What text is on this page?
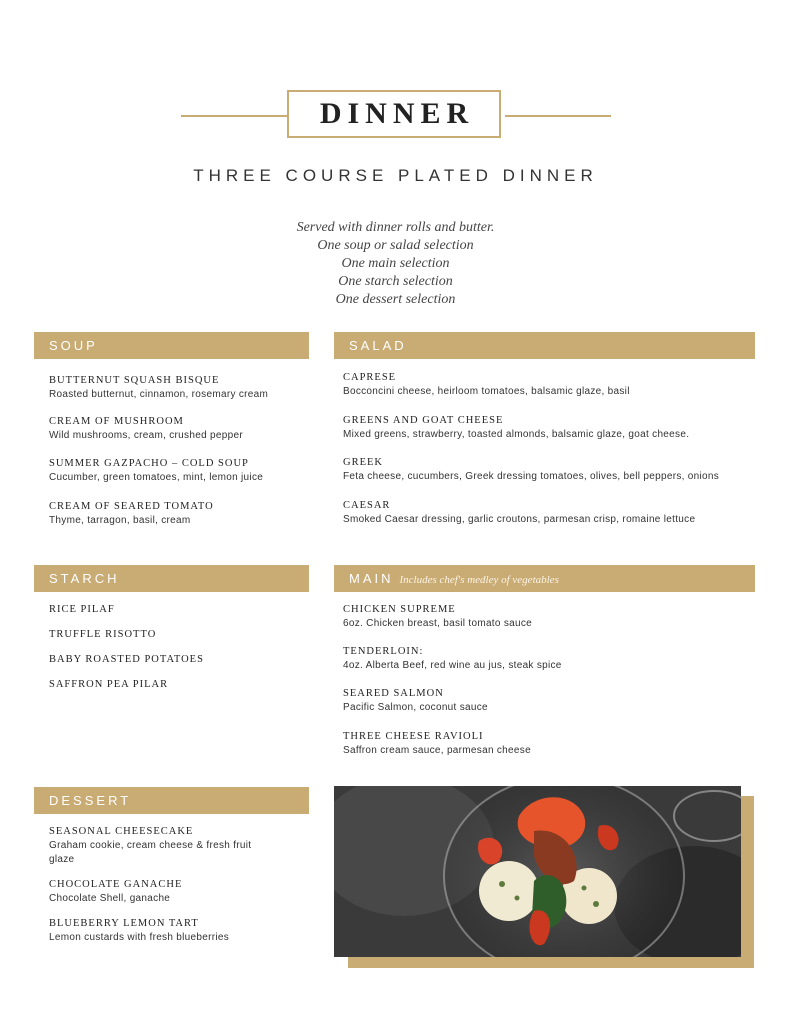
DINNER
THREE COURSE PLATED DINNER
Served with dinner rolls and butter.
One soup or salad selection
One main selection
One starch selection
One dessert selection
SOUP
BUTTERNUT SQUASH BISQUE
Roasted butternut, cinnamon, rosemary cream
CREAM OF MUSHROOM
Wild mushrooms, cream, crushed pepper
SUMMER GAZPACHO – COLD SOUP
Cucumber, green tomatoes, mint, lemon juice
CREAM OF SEARED TOMATO
Thyme, tarragon, basil, cream
SALAD
CAPRESE
Bocconcini cheese, heirloom tomatoes, balsamic glaze, basil
GREENS AND GOAT CHEESE
Mixed greens, strawberry, toasted almonds, balsamic glaze, goat cheese.
GREEK
Feta cheese, cucumbers, Greek dressing tomatoes, olives, bell peppers, onions
CAESAR
Smoked Caesar dressing, garlic croutons, parmesan crisp, romaine lettuce
STARCH
RICE PILAF
TRUFFLE RISOTTO
BABY ROASTED POTATOES
SAFFRON PEA PILAR
MAIN Includes chef's medley of vegetables
CHICKEN SUPREME
6oz. Chicken breast, basil tomato sauce
TENDERLOIN:
4oz. Alberta Beef, red wine au jus, steak spice
SEARED SALMON
Pacific Salmon, coconut sauce
THREE CHEESE RAVIOLI
Saffron cream sauce, parmesan cheese
DESSERT
SEASONAL CHEESECAKE
Graham cookie, cream cheese & fresh fruit glaze
CHOCOLATE GANACHE
Chocolate Shell, ganache
BLUEBERRY LEMON TART
Lemon custards with fresh blueberries
